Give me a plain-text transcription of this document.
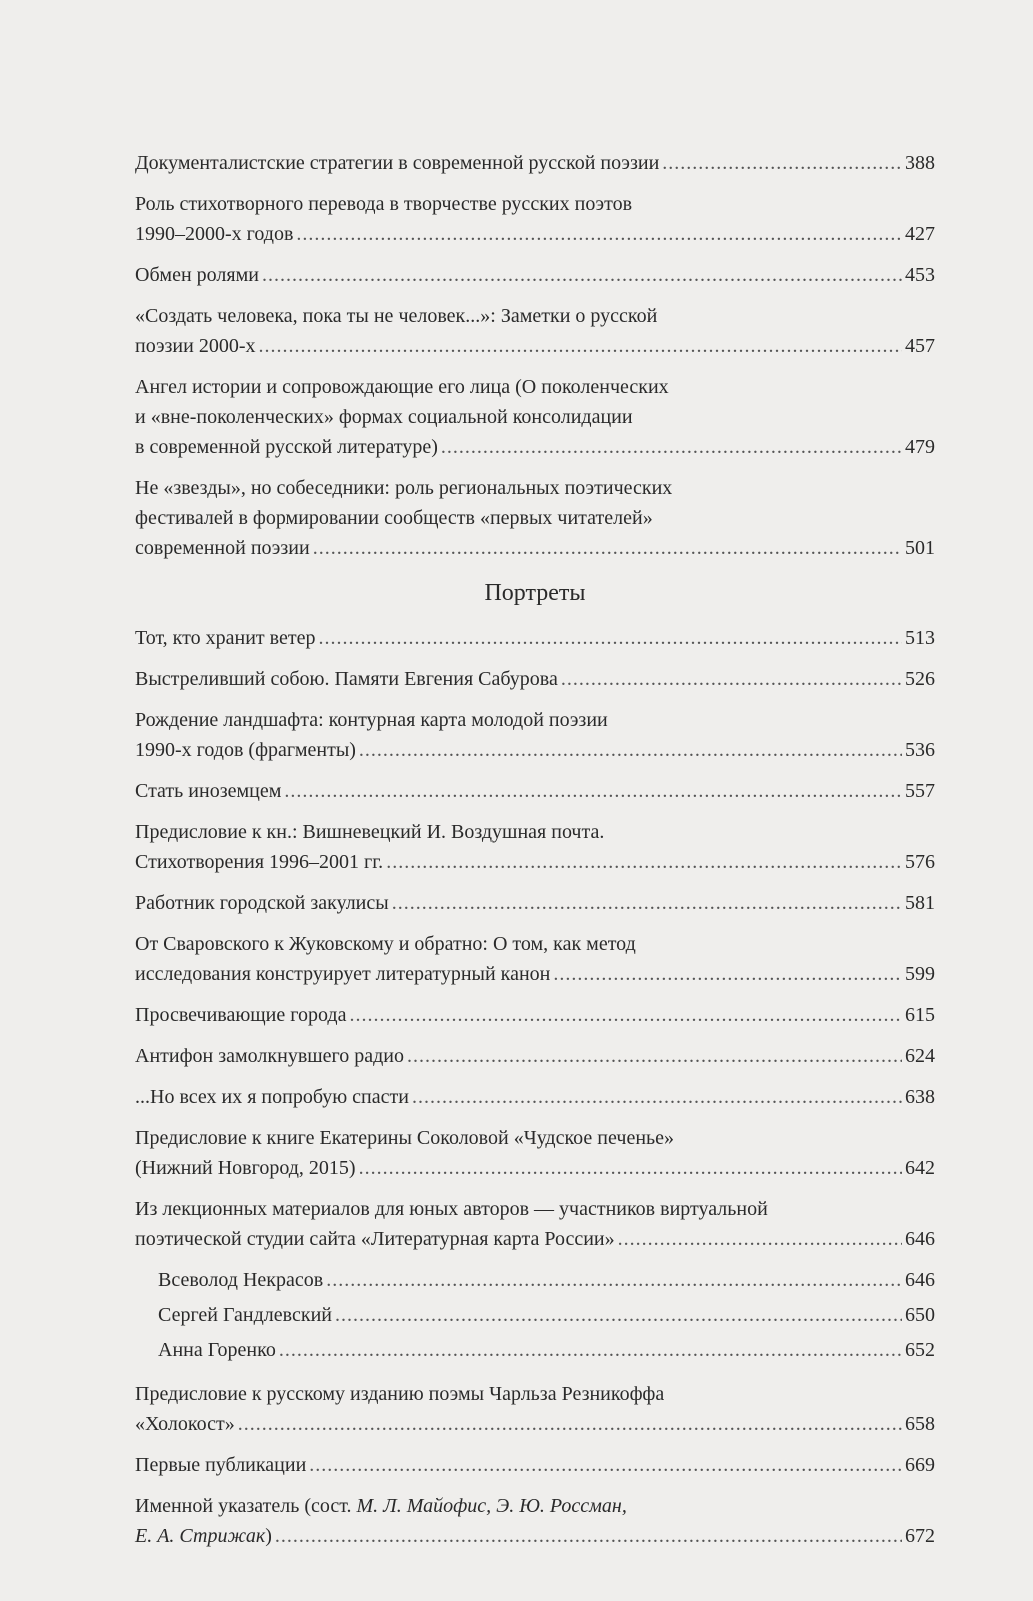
Документалистские стратегии в современной русской поэзии .....	388
Роль стихотворного перевода в творчестве русских поэтов
1990–2000-х годов .....	427
Обмен ролями .....	453
«Создать человека, пока ты не человек...»: Заметки о русской
поэзии 2000-х .....	457
Ангел истории и сопровождающие его лица (О поколенческих
и «вне-поколенческих» формах социальной консолидации
в современной русской литературе) .....	479
Не «звезды», но собеседники: роль региональных поэтических
фестивалей в формировании сообществ «первых читателей»
современной поэзии .....	501
Портреты
Тот, кто хранит ветер .....	513
Выстреливший собою. Памяти Евгения Сабурова .....	526
Рождение ландшафта: контурная карта молодой поэзии
1990-х годов (фрагменты) .....	536
Стать иноземцем .....	557
Предисловие к кн.: Вишневецкий И. Воздушная почта.
Стихотворения 1996–2001 гг. .....	576
Работник городской закулисы .....	581
От Сваровского к Жуковскому и обратно: О том, как метод
исследования конструирует литературный канон .....	599
Просвечивающие города .....	615
Антифон замолкнувшего радио .....	624
...Но всех их я попробую спасти .....	638
Предисловие к книге Екатерины Соколовой «Чудское печенье»
(Нижний Новгород, 2015) .....	642
Из лекционных материалов для юных авторов — участников виртуальной
поэтической студии сайта «Литературная карта России» .....	646
Всеволод Некрасов .....	646
Сергей Гандлевский .....	650
Анна Горенко .....	652
Предисловие к русскому изданию поэмы Чарльза Резникоффа
«Холокост» .....	658
Первые публикации .....	669
Именной указатель (сост. М. Л. Майофис, Э. Ю. Россман,
Е. А. Стрижак) .....	672
